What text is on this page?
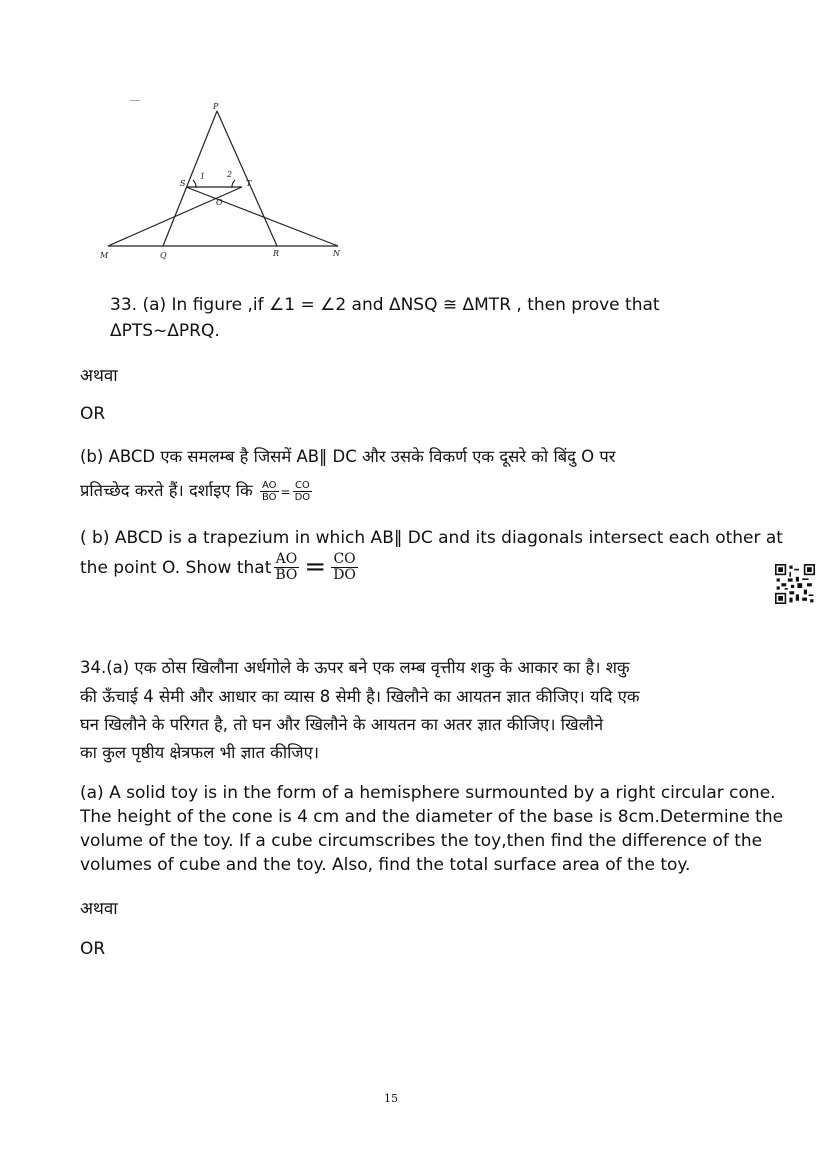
P
S	T
O
M	Q	R	N
1	2
33. (a) In figure ,if ∠1 = ∠2 and ΔNSQ ≅ ΔMTR , then prove that
ΔPTS~ΔPRQ.
अथवा
OR
(b) ABCD एक समलम्ब है जिसमें AB‖ DC और उसके विकर्ण एक दूसरे को बिंदु O पर
प्रतिच्छेद करते हैं। दर्शाइए कि $\frac{AO}{BO} = \frac{CO}{DO}$
( b) ABCD is a trapezium in which AB‖ DC and its diagonals intersect each other at
the point O. Show that $\frac{AO}{BO} = \frac{CO}{DO}$
34.(a) एक ठोस खिलौना अर्धगोले के ऊपर बने एक लम्ब वृत्तीय शकु के आकार का है। शकु
की ऊँचाई 4 सेमी और आधार का व्यास 8 सेमी है। खिलौने का आयतन ज्ञात कीजिए। यदि एक
घन खिलौने के परिगत है, तो घन और खिलौने के आयतन का अतर ज्ञात कीजिए। खिलौने
का कुल पृष्ठीय क्षेत्रफल भी ज्ञात कीजिए।
(a) A solid toy is in the form of a hemisphere surmounted by a right circular cone.
The height of the cone is 4 cm and the diameter of the base is 8cm.Determine the
volume of the toy. If a cube circumscribes the toy,then find the difference of the
volumes of cube and the toy. Also, find the total surface area of the toy.
अथवा
OR
15
